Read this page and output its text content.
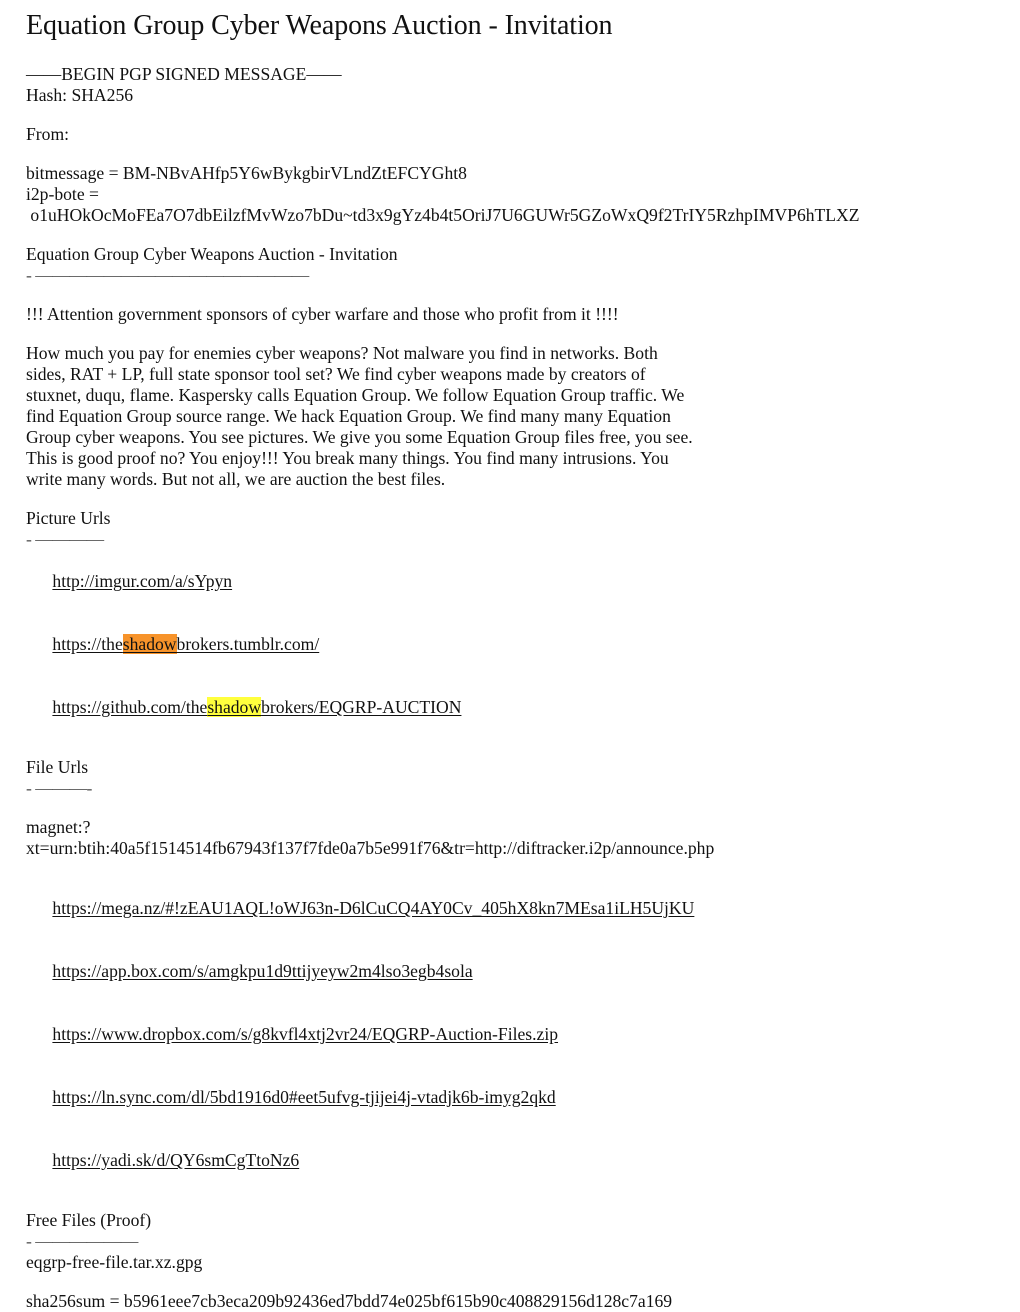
Equation Group Cyber Weapons Auction - Invitation
——BEGIN PGP SIGNED MESSAGE——
Hash: SHA256
From:
bitmessage = BM-NBvAHfp5Y6wBykgbirVLndZtEFCYGht8
i2p-bote =
o1uHOkOcMoFEa7O7dbEilzfMvWzo7bDu~td3x9gYz4b4t5OriJ7U6GUWr5GZoWxQ9f2TrIY5RzhpIMVP6hTLXZ
Equation Group Cyber Weapons Auction - Invitation
- ————————————————
!!! Attention government sponsors of cyber warfare and those who profit from it !!!!
How much you pay for enemies cyber weapons? Not malware you find in networks. Both
sides, RAT + LP, full state sponsor tool set? We find cyber weapons made by creators of
stuxnet, duqu, flame. Kaspersky calls Equation Group. We follow Equation Group traffic. We
find Equation Group source range. We hack Equation Group. We find many many Equation
Group cyber weapons. You see pictures. We give you some Equation Group files free, you see.
This is good proof no? You enjoy!!! You break many things. You find many intrusions. You
write many words. But not all, we are auction the best files.
Picture Urls
- ————

http://imgur.com/a/sYpyn

https://theshadowbrokers.tumblr.com/

https://github.com/theshadowbrokers/EQGRP-AUCTION

File Urls
- ———-
magnet:?
xt=urn:btih:40a5f1514514fb67943f137f7fde0a7b5e991f76&tr=http://diftracker.i2p/announce.php

https://mega.nz/#!zEAU1AQL!oWJ63n-D6lCuCQ4AY0Cv_405hX8kn7MEsa1iLH5UjKU

https://app.box.com/s/amgkpu1d9ttijyeyw2m4lso3egb4sola

https://www.dropbox.com/s/g8kvfl4xtj2vr24/EQGRP-Auction-Files.zip

https://ln.sync.com/dl/5bd1916d0#eet5ufvg-tjijei4j-vtadjk6b-imyg2qkd

https://yadi.sk/d/QY6smCgTtoNz6

Free Files (Proof)
- ——————
eqgrp-free-file.tar.xz.gpg
sha256sum = b5961eee7cb3eca209b92436ed7bdd74e025bf615b90c408829156d128c7a169
